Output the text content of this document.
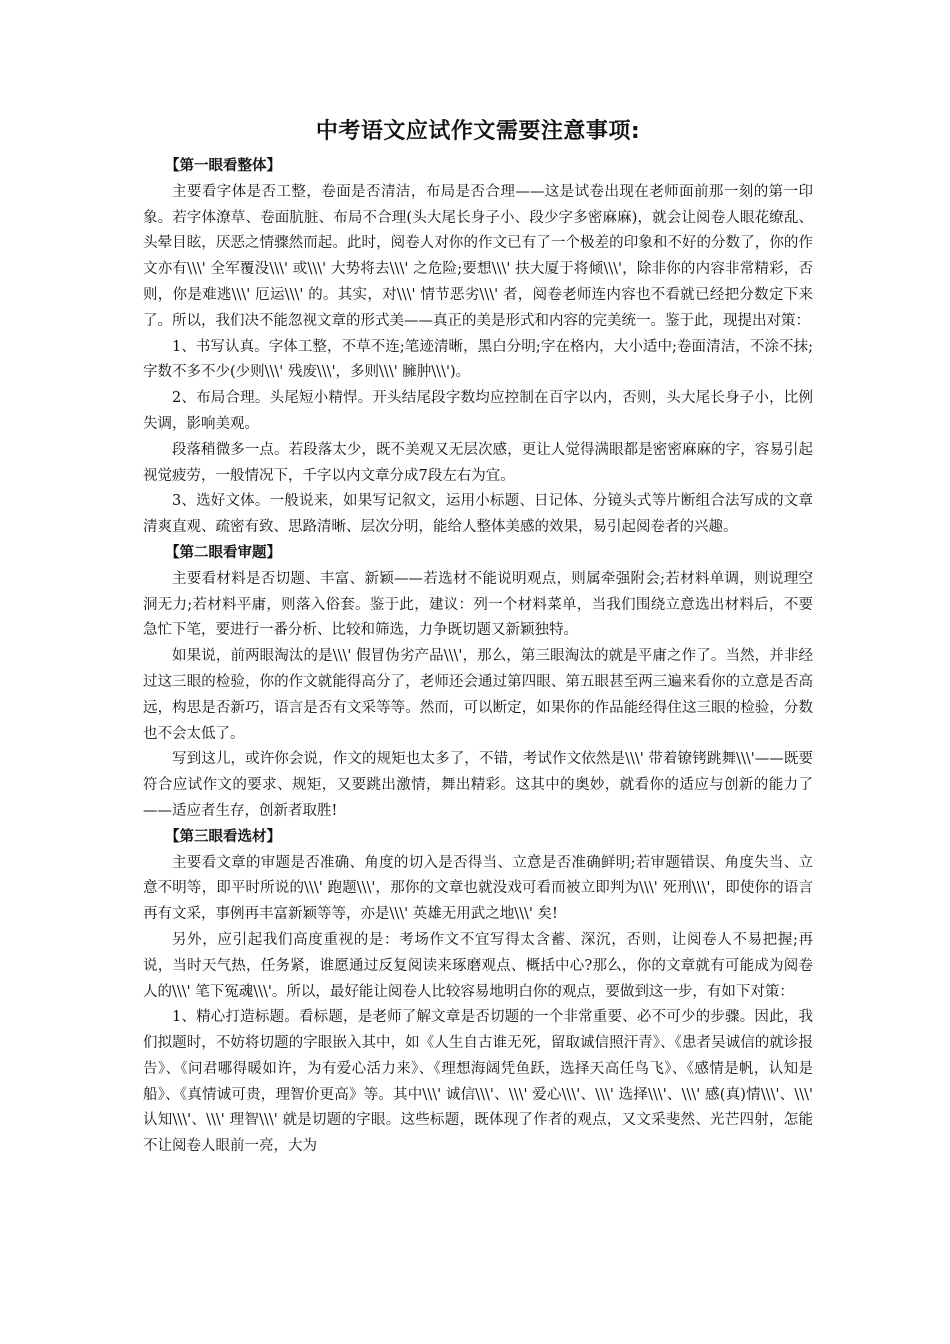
中考语文应试作文需要注意事项:
【第一眼看整体】

主要看字体是否工整，卷面是否清洁，布局是否合理——这是试卷出现在老师面前那一刻的第一印象。若字体潦草、卷面肮脏、布局不合理(头大尾长身子小、段少字多密麻麻)，就会让阅卷人眼花缭乱、头晕目眩，厌恶之情骤然而起。此时，阅卷人对你的作文已有了一个极差的印象和不好的分数了，你的作文亦有\\\' 全军覆没\\\' 或\\\' 大势将去\\\' 之危险;要想\\\' 扶大厦于将倾\\\'，除非你的内容非常精彩，否则，你是难逃\\\' 厄运\\\' 的。其实，对\\\' 情节恶劣\\\' 者，阅卷老师连内容也不看就已经把分数定下来了。所以，我们决不能忽视文章的形式美——真正的美是形式和内容的完美统一。鉴于此，现提出对策：

1、书写认真。字体工整，不草不连;笔迹清晰，黑白分明;字在格内，大小适中;卷面清洁，不涂不抹;字数不多不少(少则\\\' 残废\\\'，多则\\\' 臃肿\\\')。

2、布局合理。头尾短小精悍。开头结尾段字数均应控制在百字以内，否则，头大尾长身子小，比例失调，影响美观。

段落稍微多一点。若段落太少，既不美观又无层次感，更让人觉得满眼都是密密麻麻的字，容易引起视觉疲劳，一般情况下，千字以内文章分成7段左右为宜。

3、选好文体。一般说来，如果写记叙文，运用小标题、日记体、分镜头式等片断组合法写成的文章清爽直观、疏密有致、思路清晰、层次分明，能给人整体美感的效果，易引起阅卷者的兴趣。

【第二眼看审题】

主要看材料是否切题、丰富、新颖——若选材不能说明观点，则属牵强附会;若材料单调，则说理空洞无力;若材料平庸，则落入俗套。鉴于此，建议：列一个材料菜单，当我们围绕立意选出材料后，不要急忙下笔，要进行一番分析、比较和筛选，力争既切题又新颖独特。

如果说，前两眼淘汰的是\\\' 假冒伪劣产品\\\'，那么，第三眼淘汰的就是平庸之作了。当然，并非经过这三眼的检验，你的作文就能得高分了，老师还会通过第四眼、第五眼甚至两三遍来看你的立意是否高远，构思是否新巧，语言是否有文采等等。然而，可以断定，如果你的作品能经得住这三眼的检验，分数也不会太低了。

写到这儿，或许你会说，作文的规矩也太多了，不错，考试作文依然是\\\' 带着镣铐跳舞\\\'——既要符合应试作文的要求、规矩，又要跳出激情，舞出精彩。这其中的奥妙，就看你的适应与创新的能力了——适应者生存，创新者取胜!

【第三眼看选材】

主要看文章的审题是否准确、角度的切入是否得当、立意是否准确鲜明;若审题错误、角度失当、立意不明等，即平时所说的\\\' 跑题\\\'，那你的文章也就没戏可看而被立即判为\\\' 死刑\\\'，即使你的语言再有文采，事例再丰富新颖等等，亦是\\\' 英雄无用武之地\\\' 矣!

另外，应引起我们高度重视的是：考场作文不宜写得太含蓄、深沉，否则，让阅卷人不易把握;再说，当时天气热，任务紧，谁愿通过反复阅读来琢磨观点、概括中心?那么，你的文章就有可能成为阅卷人的\\\' 笔下冤魂\\\'。所以，最好能让阅卷人比较容易地明白你的观点，要做到这一步，有如下对策：

1、精心打造标题。看标题，是老师了解文章是否切题的一个非常重要、必不可少的步骤。因此，我们拟题时，不妨将切题的字眼嵌入其中，如《人生自古谁无死，留取诚信照汗青》、《患者吴诚信的就诊报告》、《问君哪得暖如许，为有爱心活力来》、《理想海阔凭鱼跃，选择天高任鸟飞》、《感情是帆，认知是船》、《真情诚可贵，理智价更高》等。其中\\\' 诚信\\\'、\\\' 爱心\\\'、\\\' 选择\\\'、\\\' 感(真)情\\\'、\\\' 认知\\\'、\\\' 理智\\\' 就是切题的字眼。这些标题，既体现了作者的观点，又文采斐然、光芒四射，怎能不让阅卷人眼前一亮，大为
